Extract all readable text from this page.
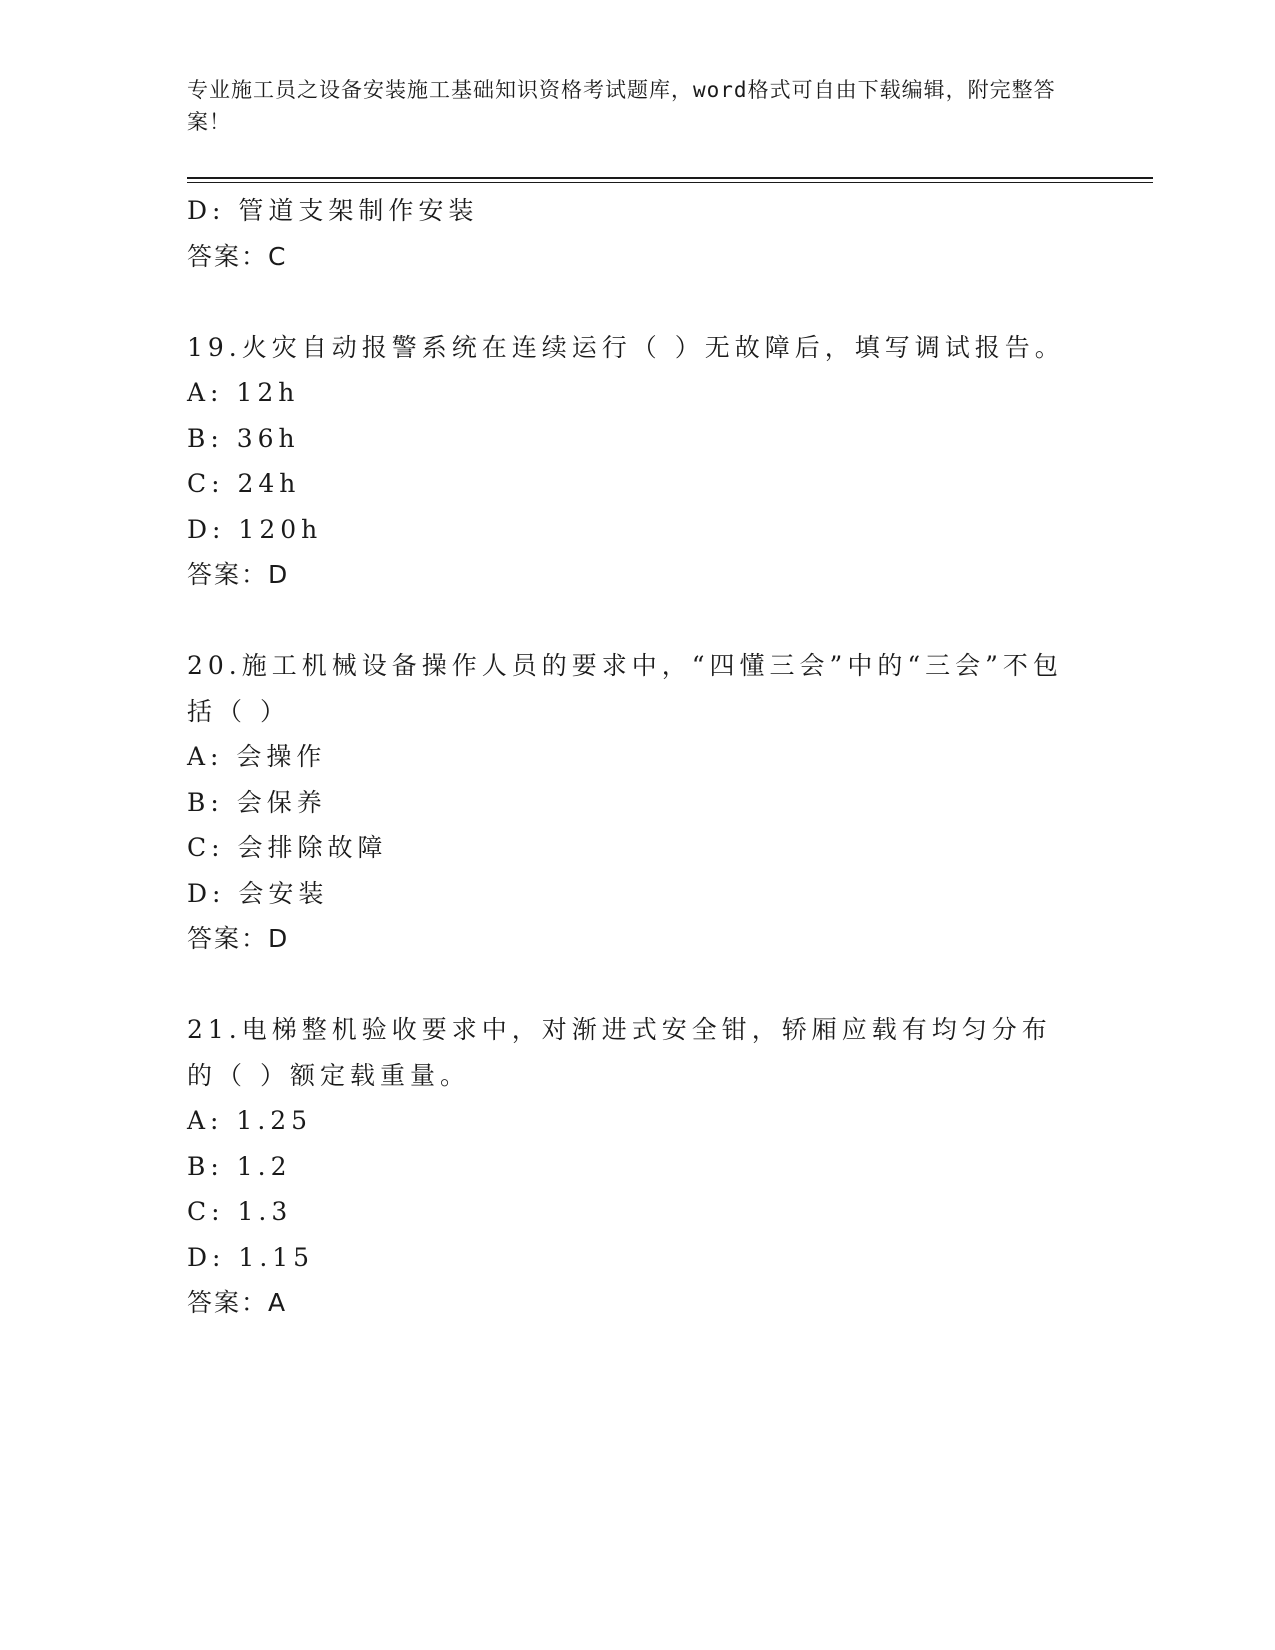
专业施工员之设备安装施工基础知识资格考试题库，word格式可自由下载编辑，附完整答案！
D: 管道支架制作安装
答案：C
19.火灾自动报警系统在连续运行（ ）无故障后，填写调试报告。
A: 12h
B: 36h
C: 24h
D: 120h
答案：D
20.施工机械设备操作人员的要求中，“四懂三会”中的“三会”不包括（ ）
A: 会操作
B: 会保养
C: 会排除故障
D: 会安装
答案：D
21.电梯整机验收要求中，对渐进式安全钳，轿厢应载有均匀分布的（ ）额定载重量。
A: 1.25
B: 1.2
C: 1.3
D: 1.15
答案：A
